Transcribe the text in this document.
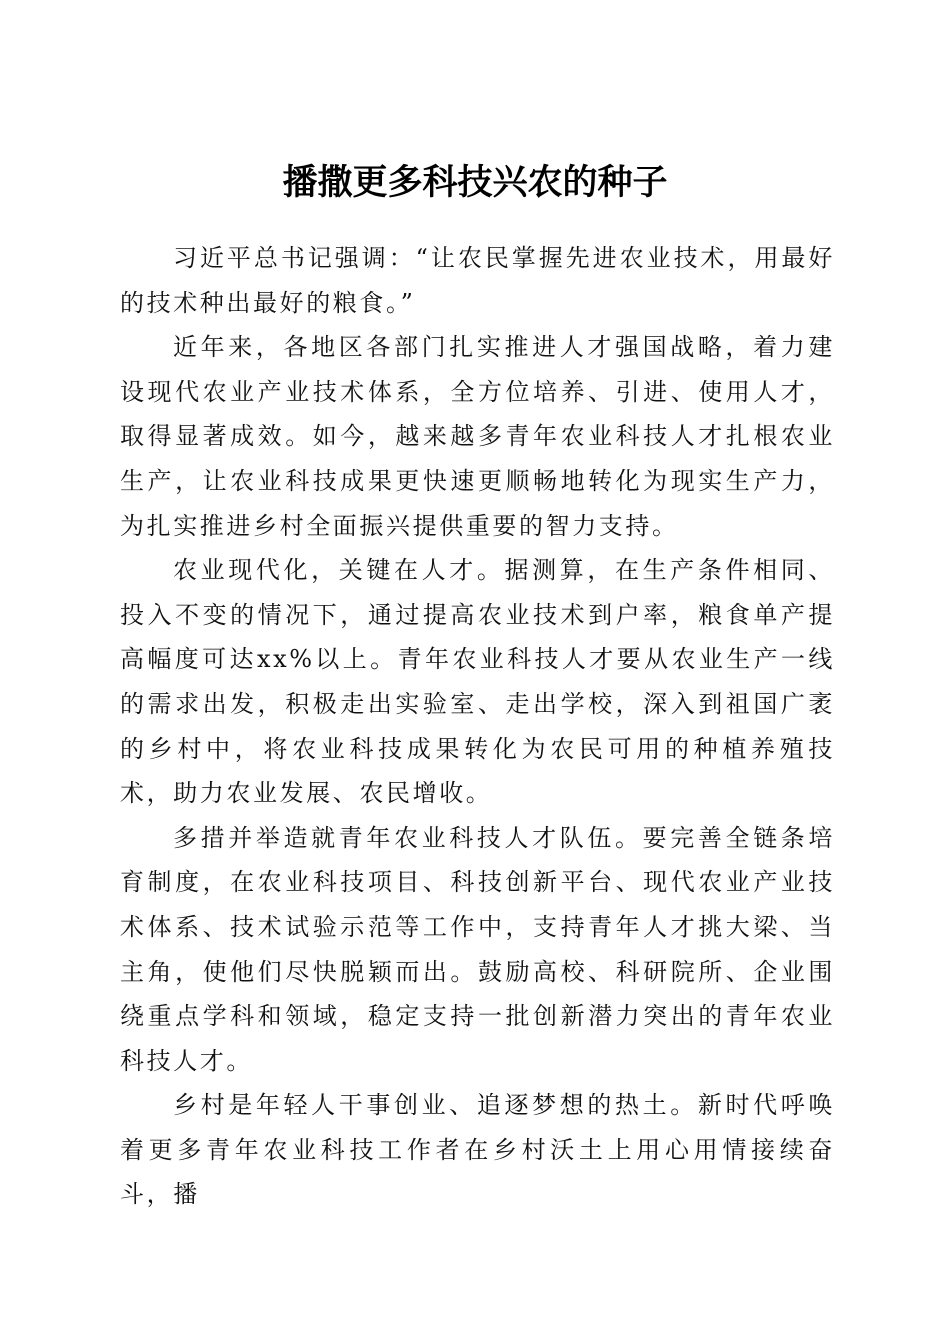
播撒更多科技兴农的种子

习近平总书记强调：“让农民掌握先进农业技术，用最好的技术种出最好的粮食。”

近年来，各地区各部门扎实推进人才强国战略，着力建设现代农业产业技术体系，全方位培养、引进、使用人才，取得显著成效。如今，越来越多青年农业科技人才扎根农业生产，让农业科技成果更快速更顺畅地转化为现实生产力，为扎实推进乡村全面振兴提供重要的智力支持。

农业现代化，关键在人才。据测算，在生产条件相同、投入不变的情况下，通过提高农业技术到户率，粮食单产提高幅度可达xx%以上。青年农业科技人才要从农业生产一线的需求出发，积极走出实验室、走出学校，深入到祖国广袤的乡村中，将农业科技成果转化为农民可用的种植养殖技术，助力农业发展、农民增收。

多措并举造就青年农业科技人才队伍。要完善全链条培育制度，在农业科技项目、科技创新平台、现代农业产业技术体系、技术试验示范等工作中，支持青年人才挑大梁、当主角，使他们尽快脱颖而出。鼓励高校、科研院所、企业围绕重点学科和领域，稳定支持一批创新潜力突出的青年农业科技人才。

乡村是年轻人干事创业、追逐梦想的热土。新时代呼唤着更多青年农业科技工作者在乡村沃土上用心用情接续奋斗，播
